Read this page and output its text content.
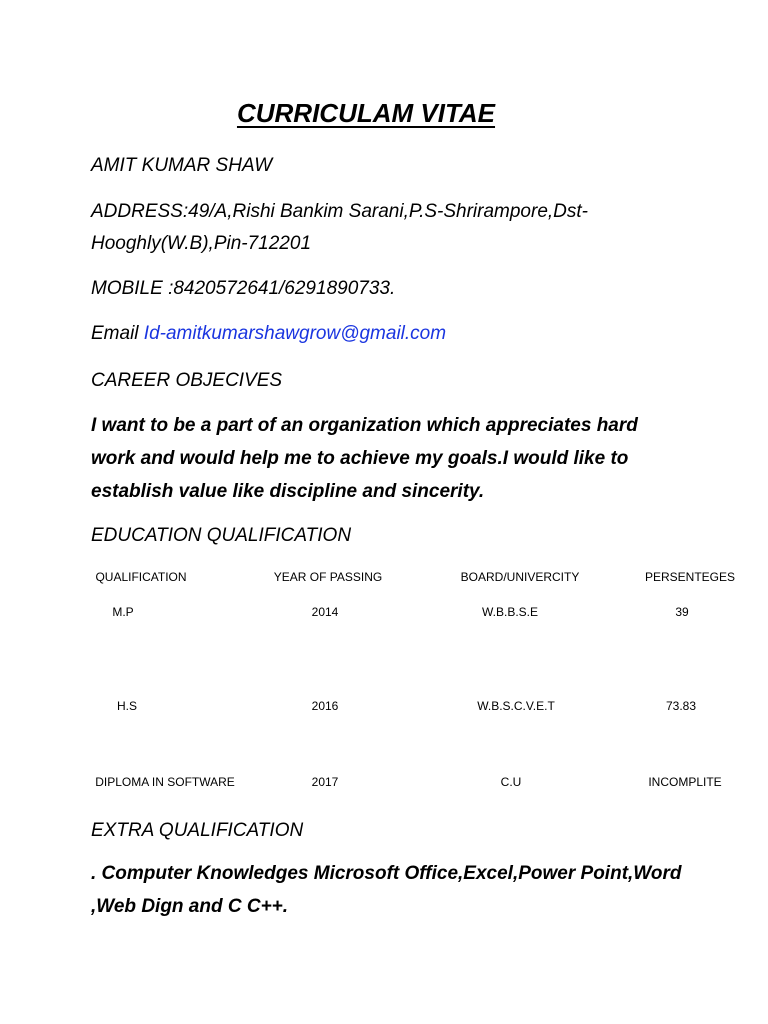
CURRICULAM VITAE
AMIT KUMAR SHAW
ADDRESS:49/A,Rishi Bankim Sarani,P.S-Shrirampore,Dst-
Hooghly(W.B),Pin-712201
MOBILE :8420572641/6291890733.
Email Id-amitkumarshawgrow@gmail.com
CAREER OBJECIVES
I want to be a part of an organization which appreciates hard
work and would help me to achieve my goals.I would like to
establish value like discipline and sincerity.
EDUCATION QUALIFICATION
QUALIFICATION	YEAR OF PASSING	BOARD/UNIVERCITY	PERSENTEGES
M.P	2014	W.B.B.S.E	39
H.S	2016	W.B.S.C.V.E.T	73.83
DIPLOMA IN SOFTWARE	2017	C.U	INCOMPLITE
EXTRA QUALIFICATION
. Computer Knowledges Microsoft Office,Excel,Power Point,Word
,Web Dign and C C++.
